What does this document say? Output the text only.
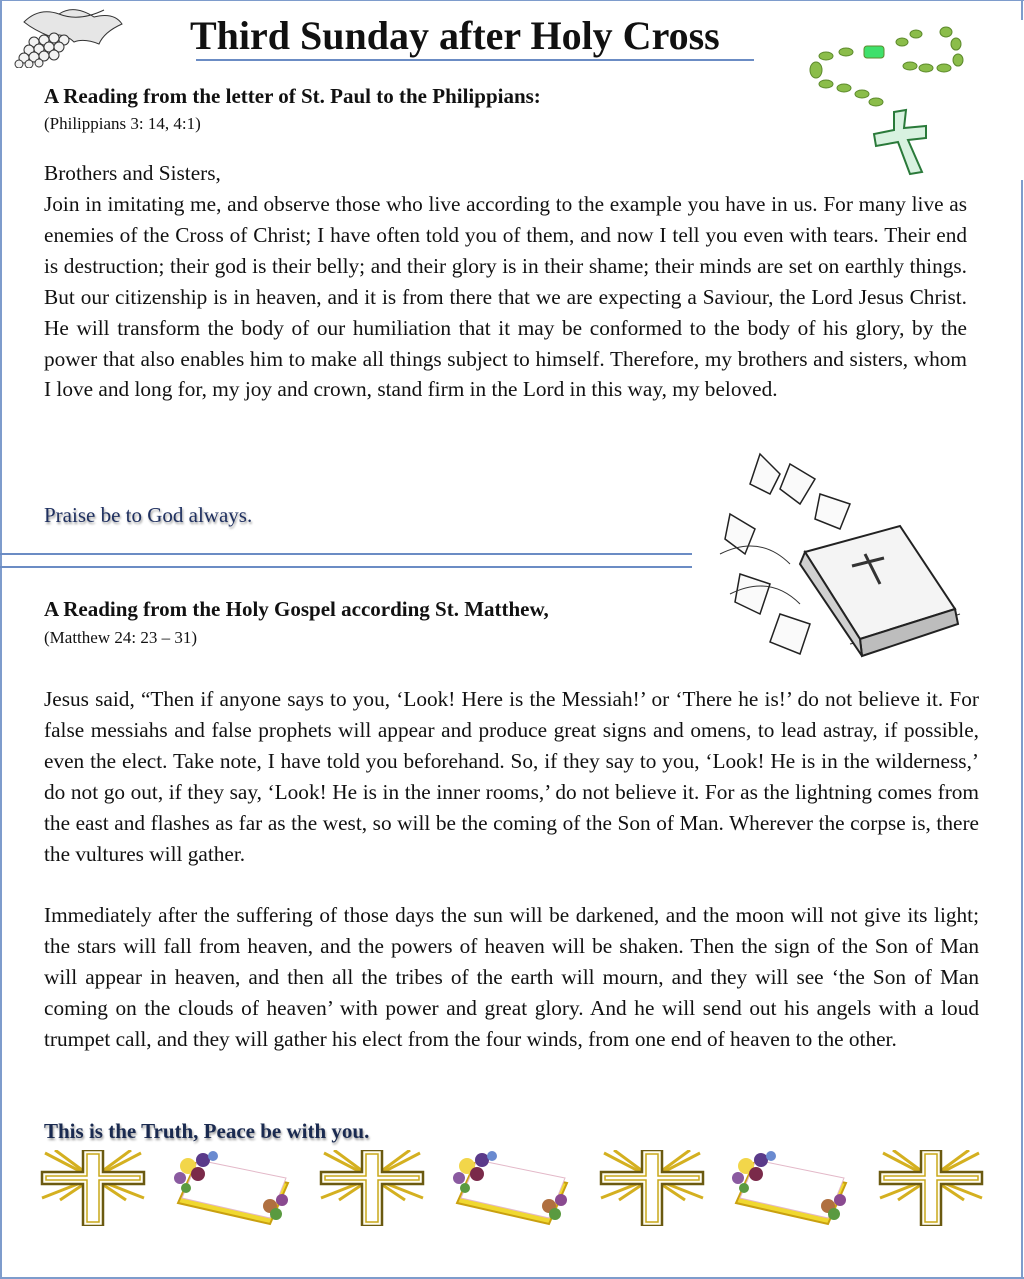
Third Sunday after Holy Cross
A Reading from the letter of St. Paul to the Philippians:
(Philippians 3: 14, 4:1)

Brothers and Sisters,

Join in imitating me, and observe those who live according to the example you have in us. For many live as enemies of the Cross of Christ; I have often told you of them, and now I tell you even with tears. Their end is destruction; their god is their belly; and their glory is in their shame; their minds are set on earthly things. But our citizenship is in heaven, and it is from there that we are expecting a Saviour, the Lord Jesus Christ. He will transform the body of our humiliation that it may be conformed to the body of his glory, by the power that also enables him to make all things subject to himself. Therefore, my brothers and sisters, whom I love and long for, my joy and crown, stand firm in the Lord in this way, my beloved.

Praise be to God always.
A Reading from the Holy Gospel according St. Matthew,
(Matthew 24: 23 – 31)

Jesus said, “Then if anyone says to you, ‘Look! Here is the Messiah!’ or ‘There he is!’ do not believe it. For false messiahs and false prophets will appear and produce great signs and omens, to lead astray, if possible, even the elect. Take note, I have told you beforehand. So, if they say to you, ‘Look! He is in the wilderness,’ do not go out, if they say, ‘Look! He is in the inner rooms,’ do not believe it. For as the lightning comes from the east and flashes as far as the west, so will be the coming of the Son of Man. Wherever the corpse is, there the vultures will gather.

Immediately after the suffering of those days the sun will be darkened, and the moon will not give its light; the stars will fall from heaven, and the powers of heaven will be shaken. Then the sign of the Son of Man will appear in heaven, and then all the tribes of the earth will mourn, and they will see ‘the Son of Man coming on the clouds of heaven’ with power and great glory. And he will send out his angels with a loud trumpet call, and they will gather his elect from the four winds, from one end of heaven to the other.

This is the Truth, Peace be with you.
